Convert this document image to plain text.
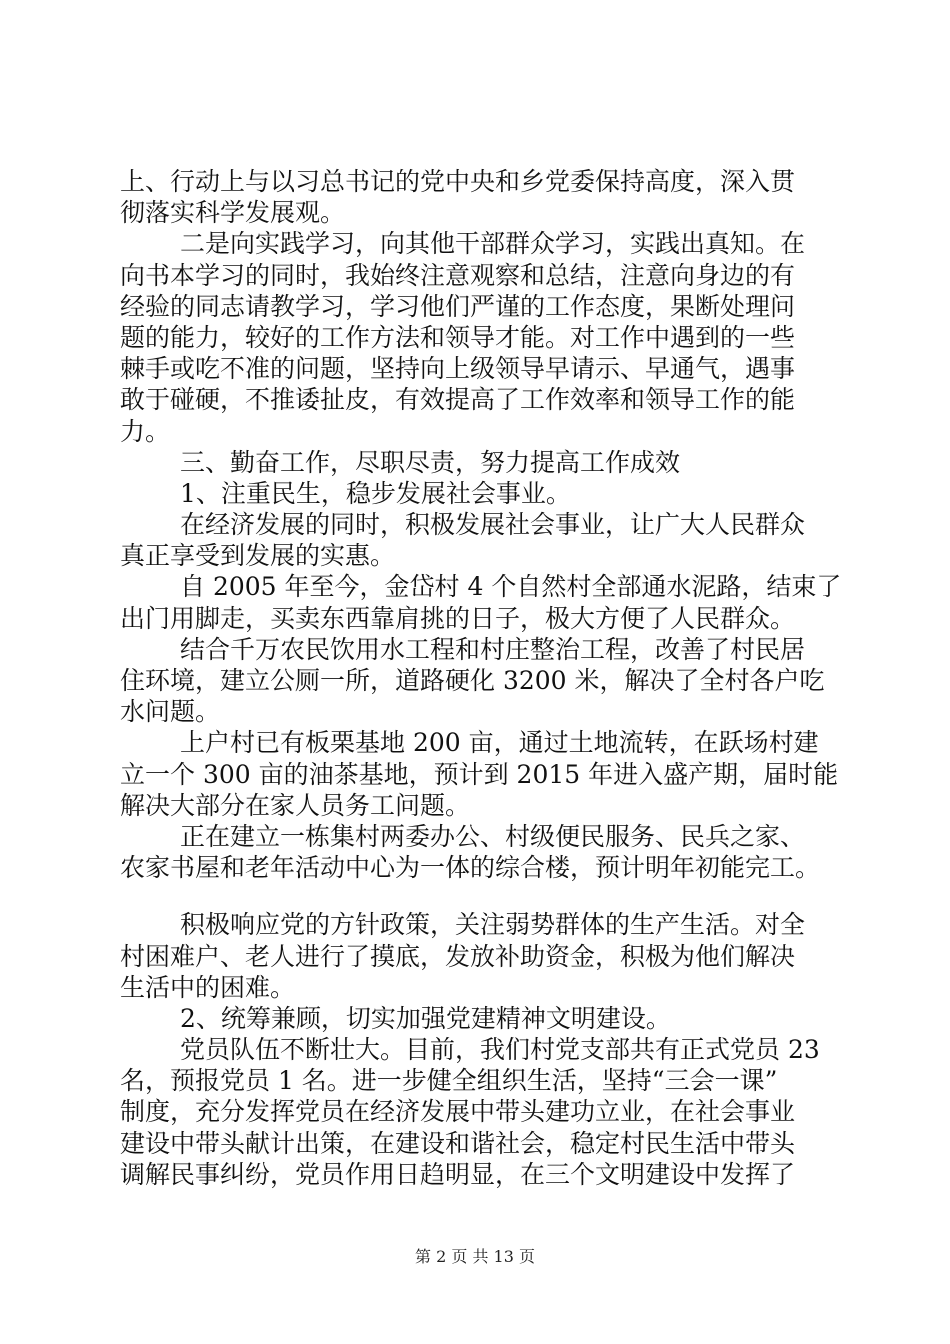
上、行动上与以习总书记的党中央和乡党委保持高度，深入贯
彻落实科学发展观。
二是向实践学习，向其他干部群众学习，实践出真知。在
向书本学习的同时，我始终注意观察和总结，注意向身边的有
经验的同志请教学习，学习他们严谨的工作态度，果断处理问
题的能力，较好的工作方法和领导才能。对工作中遇到的一些
棘手或吃不准的问题，坚持向上级领导早请示、早通气，遇事
敢于碰硬，不推诿扯皮，有效提高了工作效率和领导工作的能
力。
三、勤奋工作，尽职尽责，努力提高工作成效
1、注重民生，稳步发展社会事业。
在经济发展的同时，积极发展社会事业，让广大人民群众
真正享受到发展的实惠。
自 2005 年至今，金岱村 4 个自然村全部通水泥路，结束了
出门用脚走，买卖东西靠肩挑的日子，极大方便了人民群众。
结合千万农民饮用水工程和村庄整治工程，改善了村民居
住环境，建立公厕一所，道路硬化 3200 米，解决了全村各户吃
水问题。
上户村已有板栗基地 200 亩，通过土地流转，在跃场村建
立一个 300 亩的油茶基地，预计到 2015 年进入盛产期，届时能
解决大部分在家人员务工问题。
正在建立一栋集村两委办公、村级便民服务、民兵之家、
农家书屋和老年活动中心为一体的综合楼，预计明年初能完工。
积极响应党的方针政策，关注弱势群体的生产生活。对全
村困难户、老人进行了摸底，发放补助资金，积极为他们解决
生活中的困难。
2、统筹兼顾，切实加强党建精神文明建设。
党员队伍不断壮大。目前，我们村党支部共有正式党员 23
名，预报党员 1 名。进一步健全组织生活，坚持“三会一课”
制度，充分发挥党员在经济发展中带头建功立业，在社会事业
建设中带头献计出策，在建设和谐社会，稳定村民生活中带头
调解民事纠纷，党员作用日趋明显，在三个文明建设中发挥了
第 2 页 共 13 页
